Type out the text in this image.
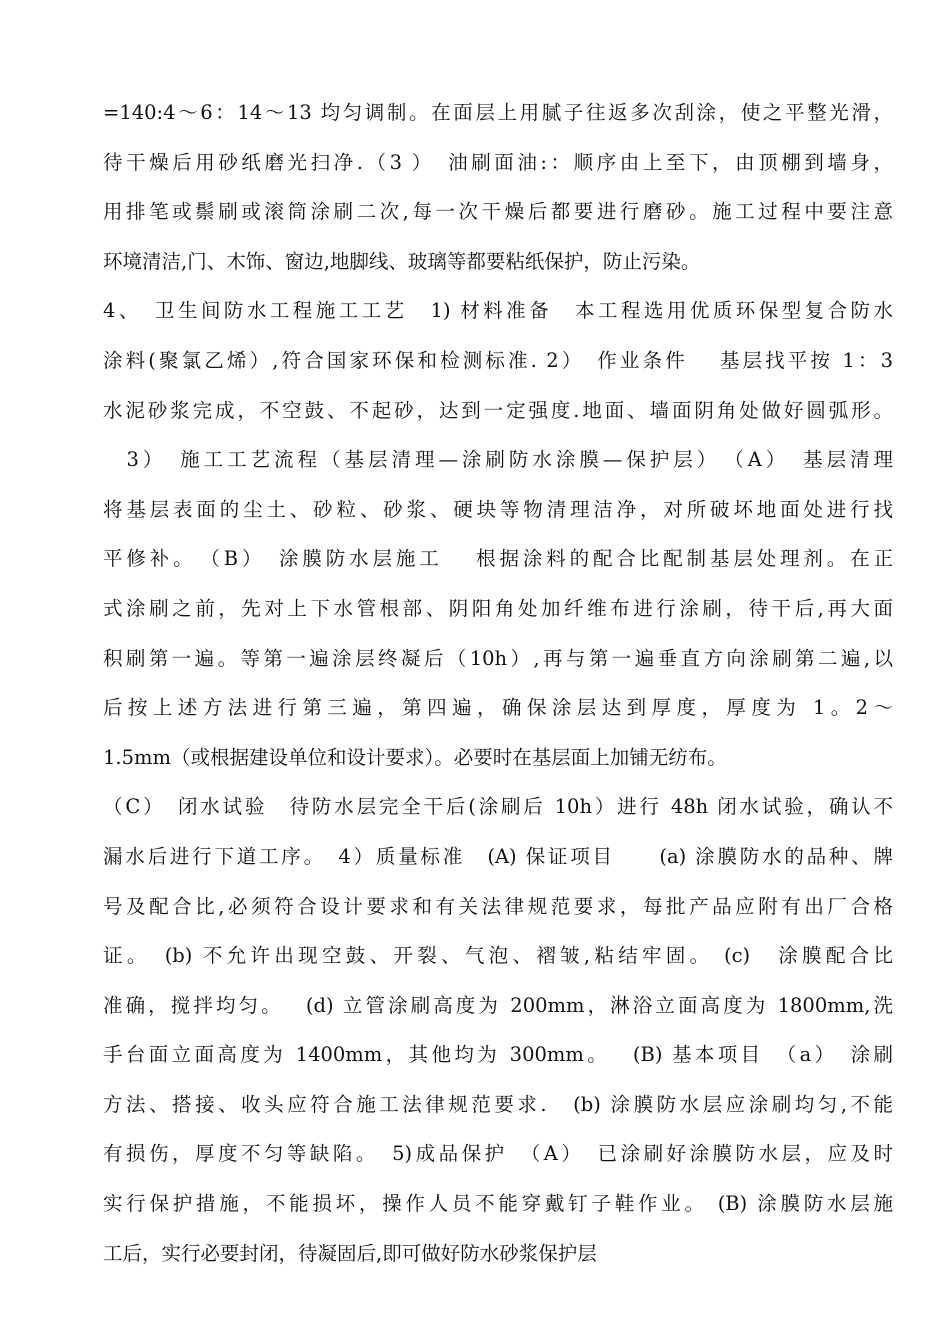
=140:4～6：14～13 均匀调制。在面层上用腻子往返多次刮涂，使之平整光滑，
待干燥后用砂纸磨光扫净.（3 ）　油刷面油:：顺序由上至下，由顶棚到墙身，
用排笔或鬃刷或滚筒涂刷二次,每一次干燥后都要进行磨砂。施工过程中要注意
环境清洁,门、木饰、窗边,地脚线、玻璃等都要粘纸保护，防止污染。
4、　卫生间防水工程施工工艺　1) 材料准备　本工程选用优质环保型复合防水
涂料(聚氯乙烯）,符合国家环保和检测标准. 2）　作业条件　 基层找平按 1：3
水泥砂浆完成，不空鼓、不起砂，达到一定强度.地面、墙面阴角处做好圆弧形。
　3）　施工工艺流程（基层清理—涂刷防水涂膜—保护层）　（A）　基层清理
将基层表面的尘土、砂粒、砂浆、硬块等物清理洁净，对所破坏地面处进行找
平修补。　（B）　涂膜防水层施工　 根据涂料的配合比配制基层处理剂。在正
式涂刷之前，先对上下水管根部、阴阳角处加纤维布进行涂刷，待干后,再大面
积刷第一遍。等第一遍涂层终凝后（10h）,再与第一遍垂直方向涂刷第二遍,以
后按上述方法进行第三遍，第四遍，确保涂层达到厚度，厚度为 1。2～
1.5mm（或根据建设单位和设计要求）。必要时在基层面上加铺无纺布。
（C）　闭水试验　待防水层完全干后(涂刷后 10h）进行 48h 闭水试验，确认不
漏水后进行下道工序。　4）质量标准　(A) 保证项目　　(a) 涂膜防水的品种、牌
号及配合比,必须符合设计要求和有关法律规范要求，每批产品应附有出厂合格
证。　(b) 不允许出现空鼓、开裂、气泡、褶皱,粘结牢固。 (c)　涂膜配合比
准确，搅拌均匀。　 (d) 立管涂刷高度为 200mm，淋浴立面高度为 1800mm,洗
手台面立面高度为 1400mm，其他均为 300mm。　 (B) 基本项目　（a）　涂刷
方法、搭接、收头应符合施工法律规范要求.　(b) 涂膜防水层应涂刷均匀,不能
有损伤，厚度不匀等缺陷。　5)成品保护　（A）　已涂刷好涂膜防水层，应及时
实行保护措施，不能损坏，操作人员不能穿戴钉子鞋作业。 (B) 涂膜防水层施
工后，实行必要封闭，待凝固后,即可做好防水砂浆保护层
